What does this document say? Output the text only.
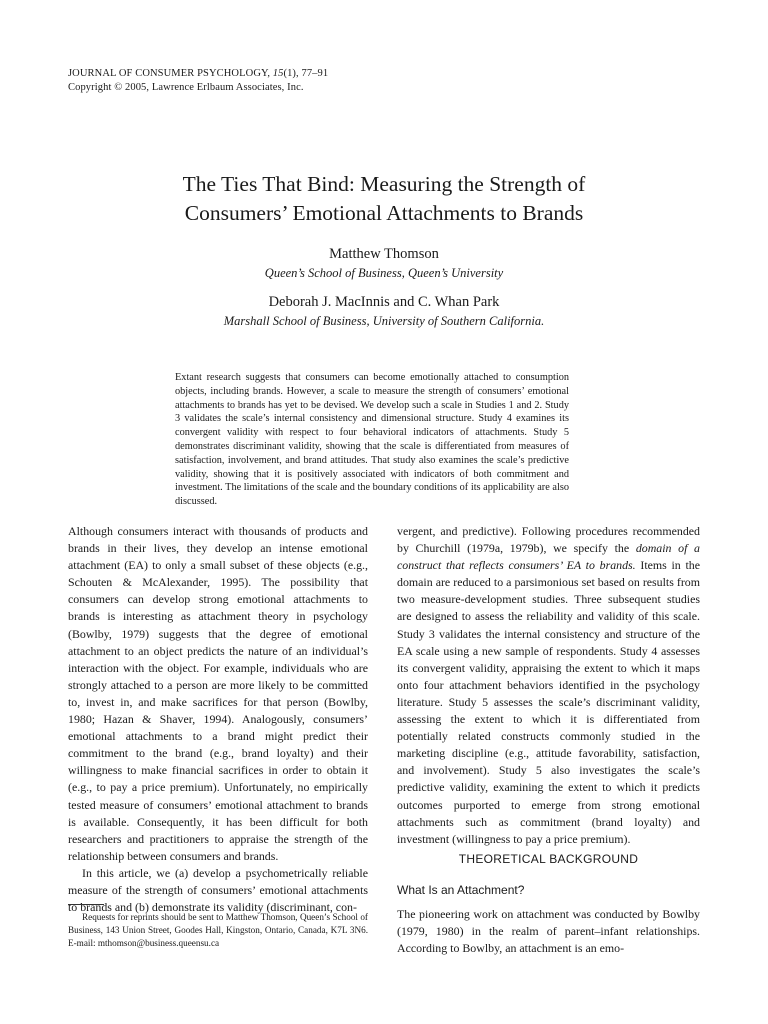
JOURNAL OF CONSUMER PSYCHOLOGY, 15(1), 77–91
Copyright © 2005, Lawrence Erlbaum Associates, Inc.
The Ties That Bind: Measuring the Strength of
Consumers’ Emotional Attachments to Brands
Matthew Thomson
Queen’s School of Business, Queen’s University
Deborah J. MacInnis and C. Whan Park
Marshall School of Business, University of Southern California.
Extant research suggests that consumers can become emotionally attached to consumption objects, including brands. However, a scale to measure the strength of consumers’ emotional attachments to brands has yet to be devised. We develop such a scale in Studies 1 and 2. Study 3 validates the scale’s internal consistency and dimensional structure. Study 4 examines its convergent validity with respect to four behavioral indicators of attachments. Study 5 demonstrates discriminant validity, showing that the scale is differentiated from measures of satisfaction, involvement, and brand attitudes. That study also examines the scale’s predictive validity, showing that it is positively associated with indicators of both commitment and investment. The limitations of the scale and the boundary conditions of its applicability are also discussed.

Although consumers interact with thousands of products and brands in their lives, they develop an intense emotional attachment (EA) to only a small subset of these objects (e.g., Schouten & McAlexander, 1995). The possibility that consumers can develop strong emotional attachments to brands is interesting as attachment theory in psychology (Bowlby, 1979) suggests that the degree of emotional attachment to an object predicts the nature of an individual’s interaction with the object. For example, individuals who are strongly attached to a person are more likely to be committed to, invest in, and make sacrifices for that person (Bowlby, 1980; Hazan & Shaver, 1994). Analogously, consumers’ emotional attachments to a brand might predict their commitment to the brand (e.g., brand loyalty) and their willingness to make financial sacrifices in order to obtain it (e.g., to pay a price premium). Unfortunately, no empirically tested measure of consumers’ emotional attachment to brands is available. Consequently, it has been difficult for both researchers and practitioners to appraise the strength of the relationship between consumers and brands.

In this article, we (a) develop a psychometrically reliable measure of the strength of consumers’ emotional attachments to brands and (b) demonstrate its validity (discriminant, con-

vergent, and predictive). Following procedures recommended by Churchill (1979a, 1979b), we specify the domain of a construct that reflects consumers’ EA to brands. Items in the domain are reduced to a parsimonious set based on results from two measure-development studies. Three subsequent studies are designed to assess the reliability and validity of this scale. Study 3 validates the internal consistency and structure of the EA scale using a new sample of respondents. Study 4 assesses its convergent validity, appraising the extent to which it maps onto four attachment behaviors identified in the psychology literature. Study 5 assesses the scale’s discriminant validity, assessing the extent to which it is differentiated from potentially related constructs commonly studied in the marketing discipline (e.g., attitude favorability, satisfaction, and involvement). Study 5 also investigates the scale’s predictive validity, examining the extent to which it predicts outcomes purported to emerge from strong emotional attachments such as commitment (brand loyalty) and investment (willingness to pay a price premium).

THEORETICAL BACKGROUND
What Is an Attachment?

The pioneering work on attachment was conducted by Bowlby (1979, 1980) in the realm of parent–infant relationships. According to Bowlby, an attachment is an emo-

Requests for reprints should be sent to Matthew Thomson, Queen’s School of Business, 143 Union Street, Goodes Hall, Kingston, Ontario, Canada, K7L 3N6. E-mail: mthomson@business.queensu.ca
